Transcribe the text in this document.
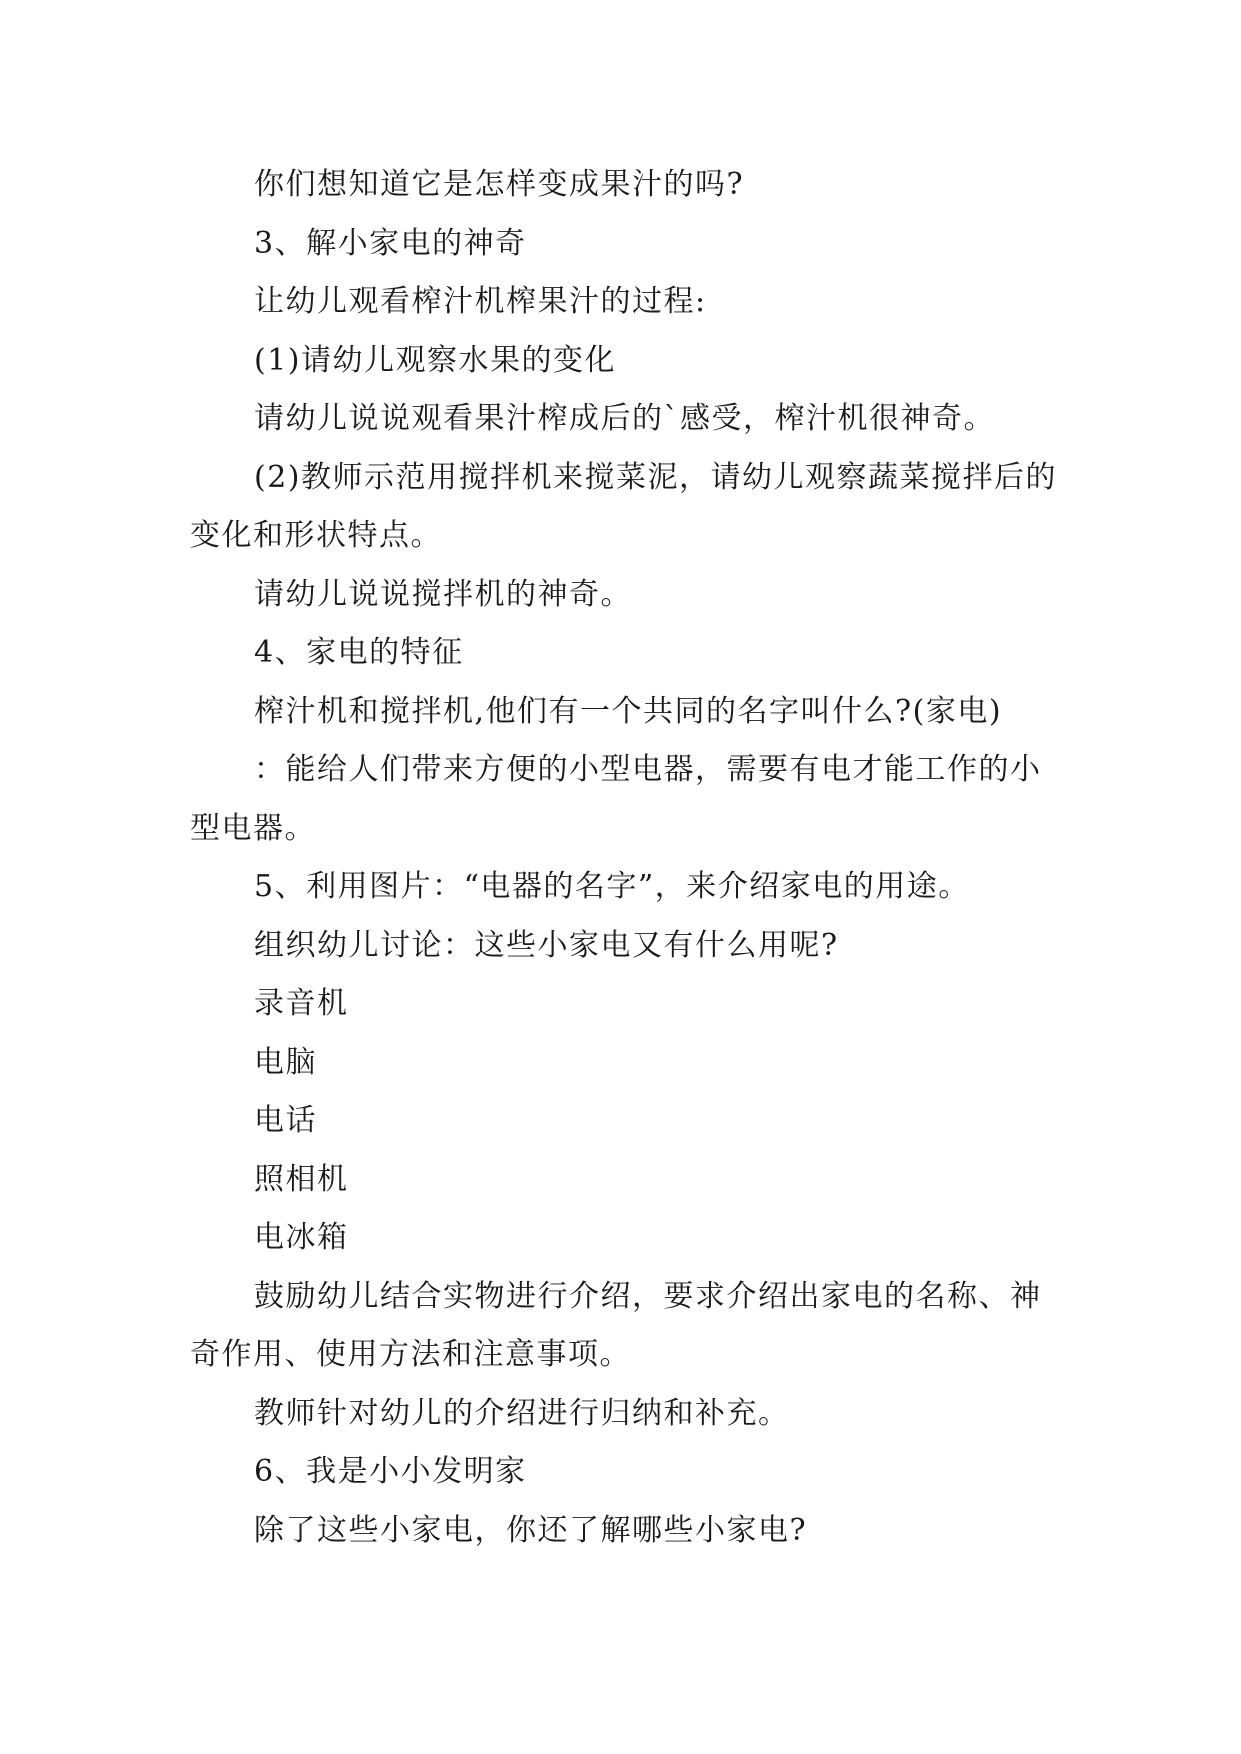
你们想知道它是怎样变成果汁的吗?

3、解小家电的神奇

让幼儿观看榨汁机榨果汁的过程:

(1)请幼儿观察水果的变化

请幼儿说说观看果汁榨成后的`感受，榨汁机很神奇。

(2)教师示范用搅拌机来搅菜泥，请幼儿观察蔬菜搅拌后的变化和形状特点。

请幼儿说说搅拌机的神奇。

4、家电的特征

榨汁机和搅拌机,他们有一个共同的名字叫什么?(家电)

：能给人们带来方便的小型电器，需要有电才能工作的小型电器。

5、利用图片：“电器的名字”，来介绍家电的用途。

组织幼儿讨论：这些小家电又有什么用呢?

录音机

电脑

电话

照相机

电冰箱

鼓励幼儿结合实物进行介绍，要求介绍出家电的名称、神奇作用、使用方法和注意事项。

教师针对幼儿的介绍进行归纳和补充。

6、我是小小发明家

除了这些小家电，你还了解哪些小家电?
